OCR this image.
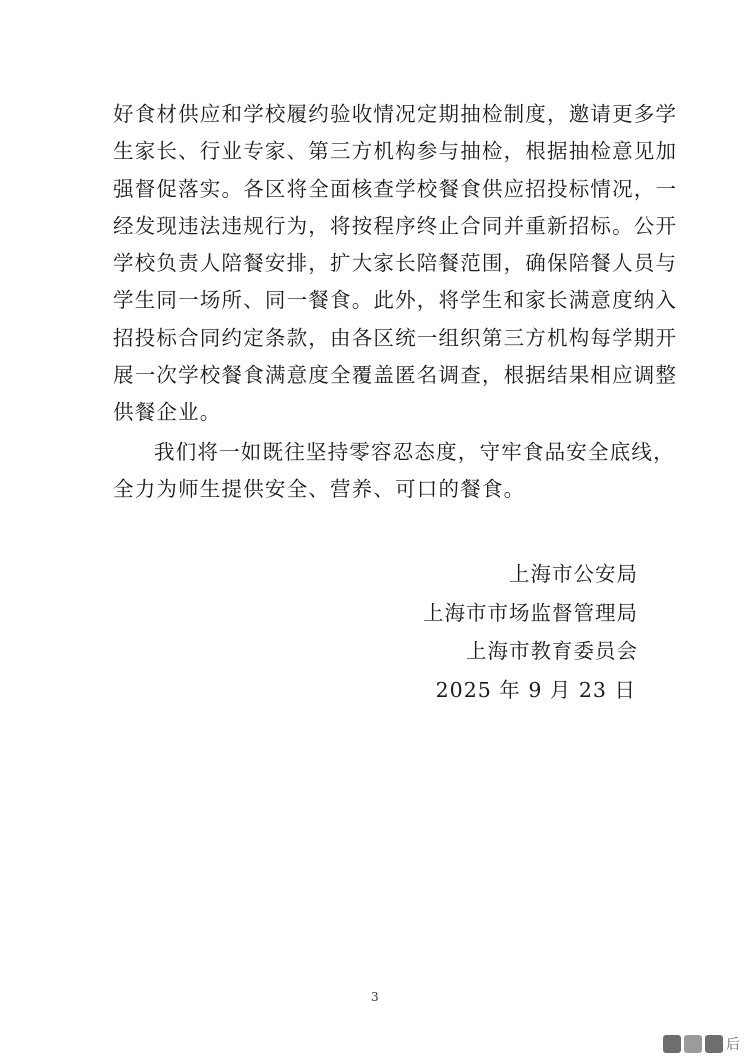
好食材供应和学校履约验收情况定期抽检制度，邀请更多学
生家长、行业专家、第三方机构参与抽检，根据抽检意见加
强督促落实。各区将全面核查学校餐食供应招投标情况，一
经发现违法违规行为，将按程序终止合同并重新招标。公开
学校负责人陪餐安排，扩大家长陪餐范围，确保陪餐人员与
学生同一场所、同一餐食。此外，将学生和家长满意度纳入
招投标合同约定条款，由各区统一组织第三方机构每学期开
展一次学校餐食满意度全覆盖匿名调查，根据结果相应调整
供餐企业。
我们将一如既往坚持零容忍态度，守牢食品安全底线，
全力为师生提供安全、营养、可口的餐食。
上海市公安局
上海市市场监督管理局
上海市教育委员会
2025 年 9 月 23 日
3
后
